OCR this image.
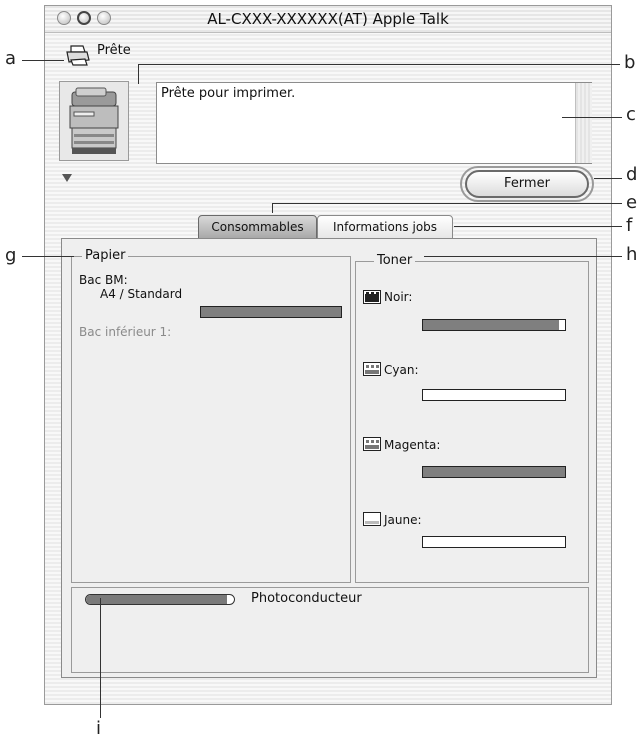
AL-CXXX-XXXXXX(AT) Apple Talk
Prête
Prête pour imprimer.
Fermer
Consommables	Informations jobs
Papier
Bac BM:
A4 / Standard
Bac inférieur 1:
Toner
Noir:
Cyan:
Magenta:
Jaune:
Photoconducteur
a	b
c
d
e
f
g	h
i
